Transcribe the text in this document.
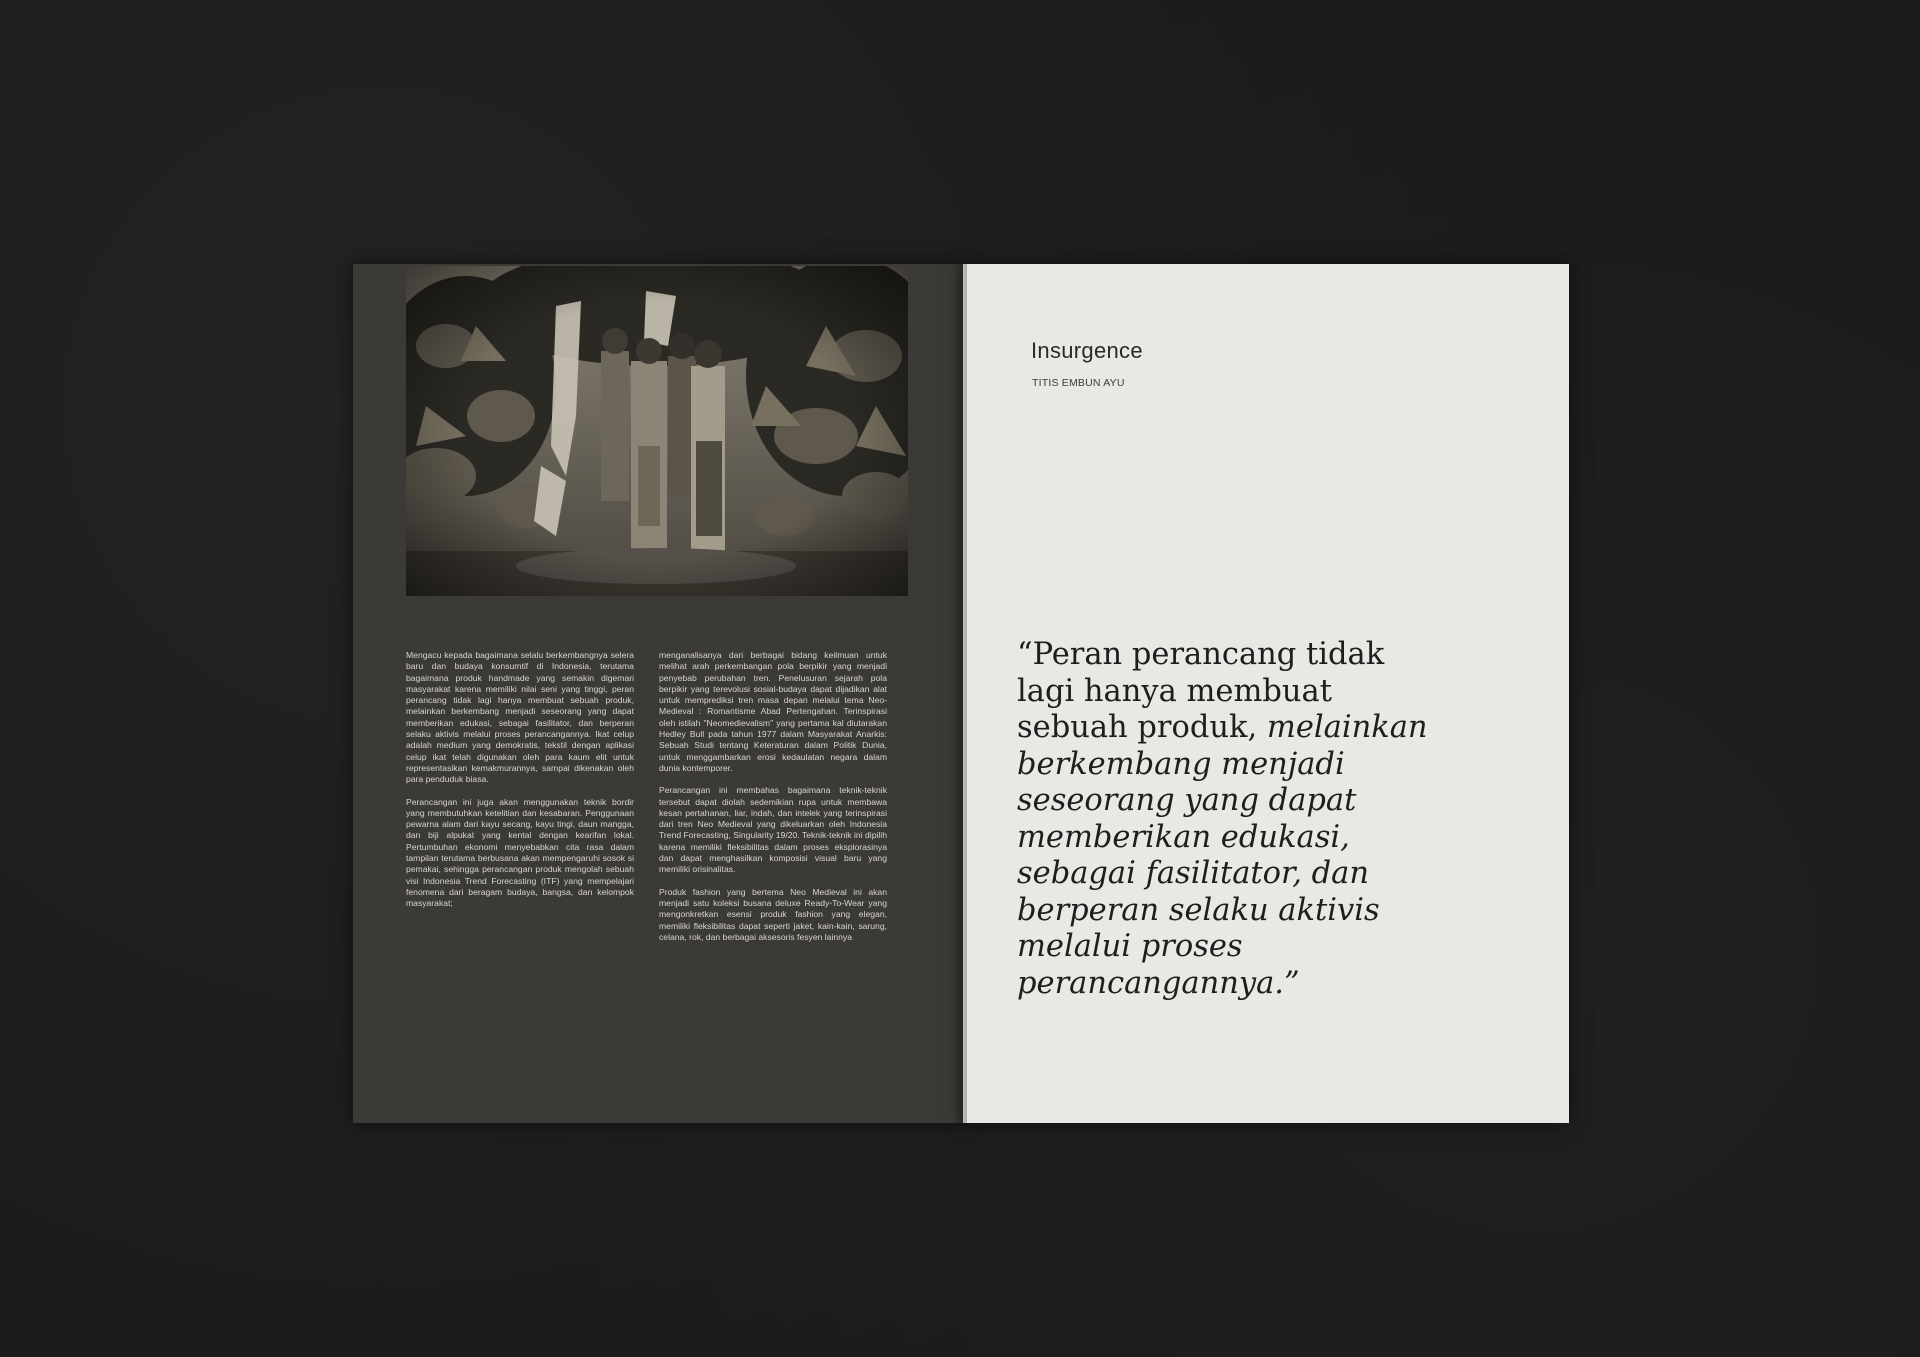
Mengacu kepada bagaimana selalu berkembangnya selera baru dan budaya konsumtif di Indonesia, terutama bagaimana produk handmade yang semakin digemari masyarakat karena memiliki nilai seni yang tinggi, peran perancang tidak lagi hanya membuat sebuah produk, melainkan berkembang menjadi seseorang yang dapat memberikan edukasi, sebagai fasilitator, dan berperan selaku aktivis melalui proses perancangannya. Ikat celup adalah medium yang demokratis, tekstil dengan aplikasi celup ikat telah digunakan oleh para kaum elit untuk representasikan kemakmurannya, sampai dikenakan oleh para penduduk biasa.

Perancangan ini juga akan menggunakan teknik bordir yang membutuhkan ketelitian dan kesabaran. Penggunaan pewarna alam dari kayu secang, kayu tingi, daun mangga, dan biji alpukat yang kental dengan kearifan lokal. Pertumbuhan ekonomi menyebabkan cita rasa dalam tampilan terutama berbusana akan mempengaruhi sosok si pemakai, sehingga perancangan produk mengolah sebuah visi Indonesia Trend Forecasting (ITF) yang mempelajari fenomena dari beragam budaya, bangsa, dan kelompok masyarakat;

menganalisanya dari berbagai bidang keilmuan untuk melihat arah perkembangan pola berpikir yang menjadi penyebab perubahan tren. Penelusuran sejarah pola berpikir yang terevolusi sosial-budaya dapat dijadikan alat untuk memprediksi tren masa depan melalui tema Neo- Medieval : Romantisme Abad Pertengahan. Terinspirasi oleh istilah "Neomedievalism" yang pertama kal diutarakan Hedley Bull pada tahun 1977 dalam Masyarakat Anarkis: Sebuah Studi tentang Keteraturan dalam Politik Dunia, untuk menggambarkan erosi kedaulatan negara dalam dunia kontemporer.

Perancangan ini membahas bagaimana teknik-teknik tersebut dapat diolah sedemikian rupa untuk membawa kesan pertahanan, liar, indah, dan intelek yang terinspirasi dari tren Neo Medieval yang dikeluarkan oleh Indonesia Trend Forecasting, Singularity 19/20. Teknik-teknik ini dipilih karena memiliki fleksibilitas dalam proses eksplorasinya dan dapat menghasilkan komposisi visual baru yang memiliki orisinalitas.

Produk fashion yang bertema Neo Medieval ini akan menjadi satu koleksi busana deluxe Ready-To-Wear yang mengonkretkan esensi produk fashion yang elegan, memiliki fleksibilitas dapat seperti jaket, kain-kain, sarung, celana, rok, dan berbagai aksesoris fesyen lainnya

Insurgence
TITIS EMBUN AYU

“Peran perancang tidak lagi hanya membuat sebuah produk, melainkan berkembang menjadi seseorang yang dapat memberikan edukasi, sebagai fasilitator, dan berperan selaku aktivis melalui proses perancangannya.”
